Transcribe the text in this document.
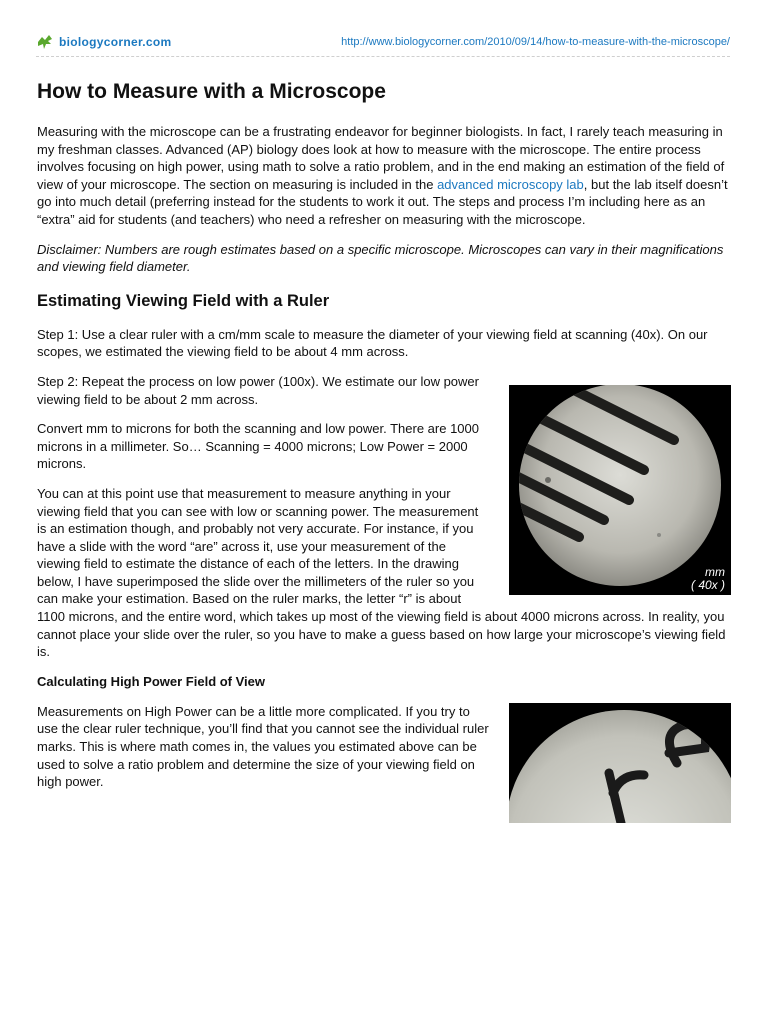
biologycorner.com	http://www.biologycorner.com/2010/09/14/how-to-measure-with-the-microscope/
How to Measure with a Microscope

Measuring with the microscope can be a frustrating endeavor for beginner biologists. In fact, I rarely teach measuring in my freshman classes. Advanced (AP) biology does look at how to measure with the microscope. The entire process involves focusing on high power, using math to solve a ratio problem, and in the end making an estimation of the field of view of your microscope. The section on measuring is included in the advanced microscopy lab, but the lab itself doesn’t go into much detail (preferring instead for the students to work it out. The steps and process I’m including here as an “extra” aid for students (and teachers) who need a refresher on measuring with the microscope.

Disclaimer: Numbers are rough estimates based on a specific microscope. Microscopes can vary in their magnifications and viewing field diameter.

Estimating Viewing Field with a Ruler

Step 1: Use a clear ruler with a cm/mm scale to measure the diameter of your viewing field at scanning (40x). On our scopes, we estimated the viewing field to be about 4 mm across.

mm
( 40x )

Step 2: Repeat the process on low power (100x). We estimate our low power viewing field to be about 2 mm across.

Convert mm to microns for both the scanning and low power. There are 1000 microns in a millimeter. So… Scanning = 4000 microns; Low Power = 2000 microns.

You can at this point use that measurement to measure anything in your viewing field that you can see with low or scanning power. The measurement is an estimation though, and probably not very accurate. For instance, if you have a slide with the word “are” across it, use your measurement of the viewing field to estimate the distance of each of the letters. In the drawing below, I have superimposed the slide over the millimeters of the ruler so you can make your estimation. Based on the ruler marks, the letter “r” is about 1100 microns, and the entire word, which takes up most of the viewing field is about 4000 microns across. In reality, you cannot place your slide over the ruler, so you have to make a guess based on how large your microscope’s viewing field is.

Calculating High Power Field of View

Measurements on High Power can be a little more complicated. If you try to use the clear ruler technique, you’ll find that you cannot see the individual ruler marks. This is where math comes in, the values you estimated above can be used to solve a ratio problem and determine the size of your viewing field on high power.
